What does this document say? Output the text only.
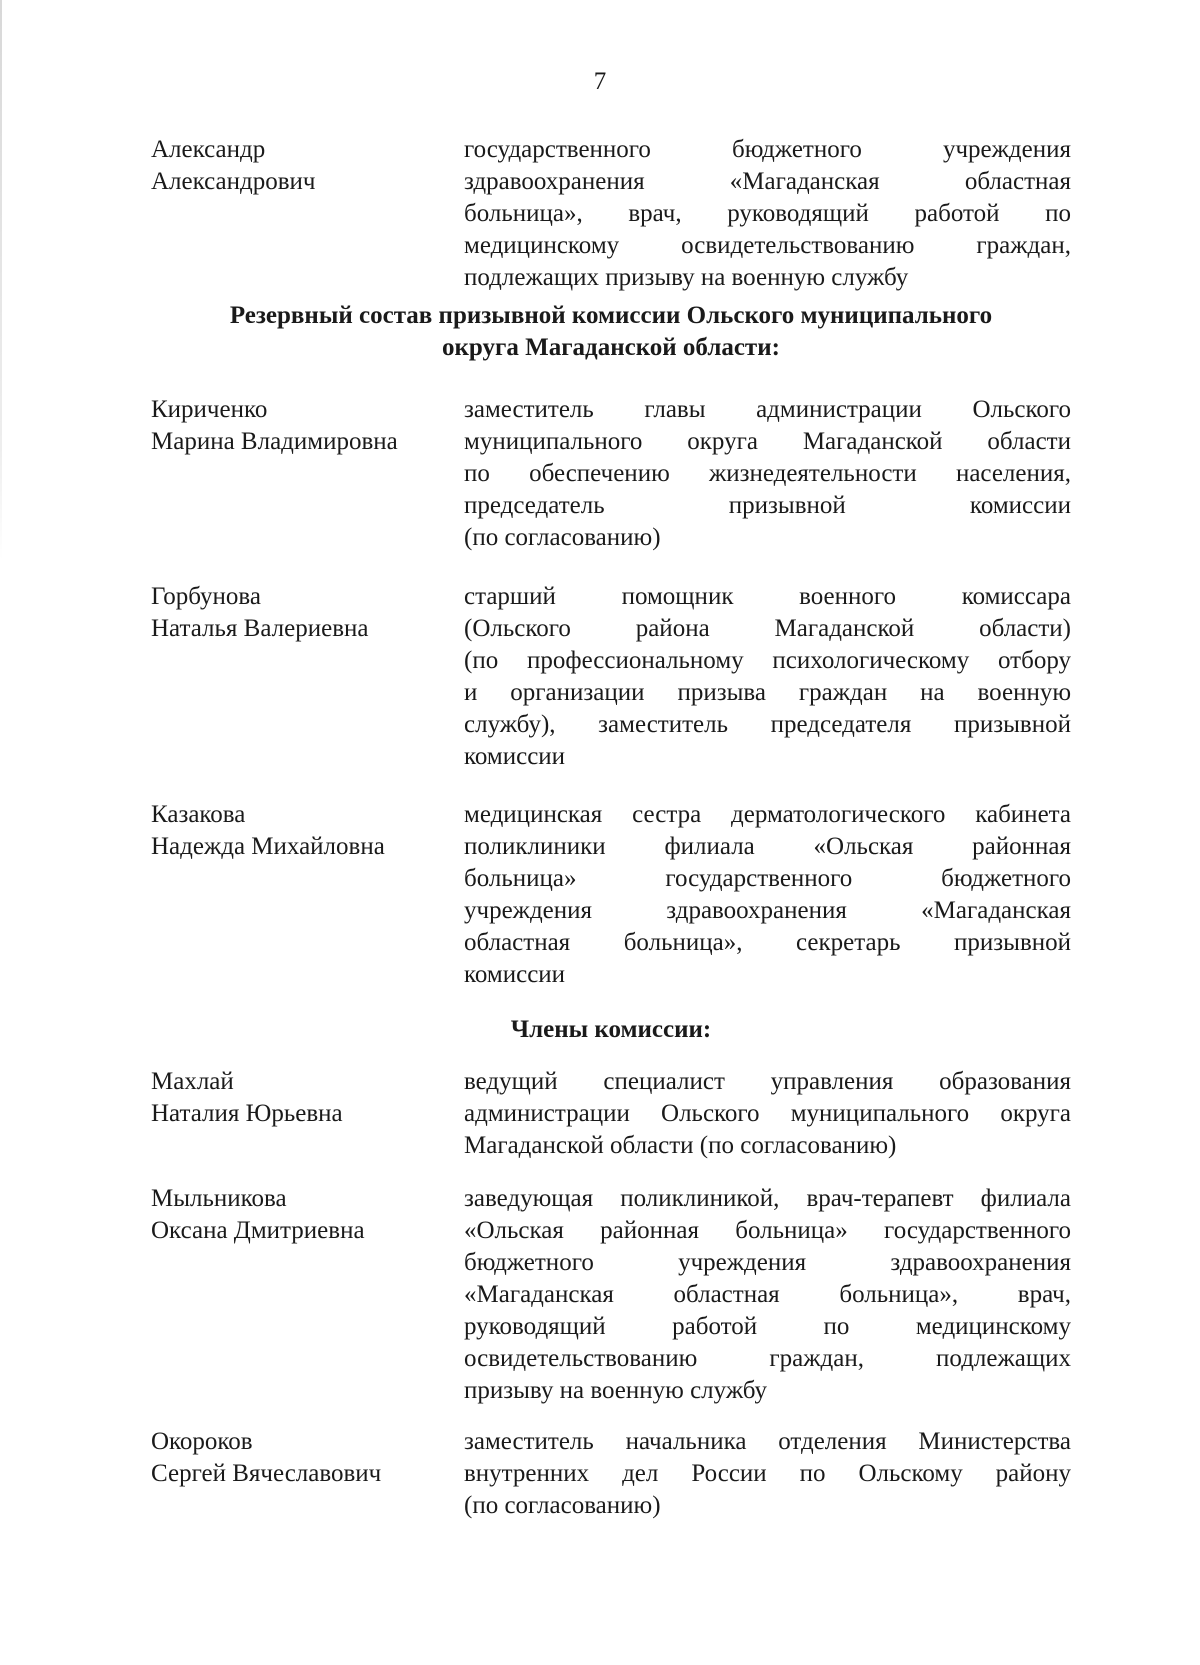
7
Александр
Александрович
государственного бюджетного учреждения
здравоохранения «Магаданская областная
больница», врач, руководящий работой по
медицинскому освидетельствованию граждан,
подлежащих призыву на военную службу
Резервный состав призывной комиссии Ольского муниципального
округа Магаданской области:
Кириченко
Марина Владимировна
заместитель главы администрации Ольского
муниципального округа Магаданской области
по обеспечению жизнедеятельности населения,
председатель призывной комиссии
(по согласованию)
Горбунова
Наталья Валериевна
старший помощник военного комиссара
(Ольского района Магаданской области)
(по профессиональному психологическому отбору
и организации призыва граждан на военную
службу), заместитель председателя призывной
комиссии
Казакова
Надежда Михайловна
медицинская сестра дерматологического кабинета
поликлиники филиала «Ольская районная
больница» государственного бюджетного
учреждения здравоохранения «Магаданская
областная больница», секретарь призывной
комиссии
Члены комиссии:
Махлай
Наталия Юрьевна
ведущий специалист управления образования
администрации Ольского муниципального округа
Магаданской области (по согласованию)
Мыльникова
Оксана Дмитриевна
заведующая поликлиникой, врач-терапевт филиала
«Ольская районная больница» государственного
бюджетного учреждения здравоохранения
«Магаданская областная больница», врач,
руководящий работой по медицинскому
освидетельствованию граждан, подлежащих
призыву на военную службу
Окороков
Сергей Вячеславович
заместитель начальника отделения Министерства
внутренних дел России по Ольскому району
(по согласованию)
